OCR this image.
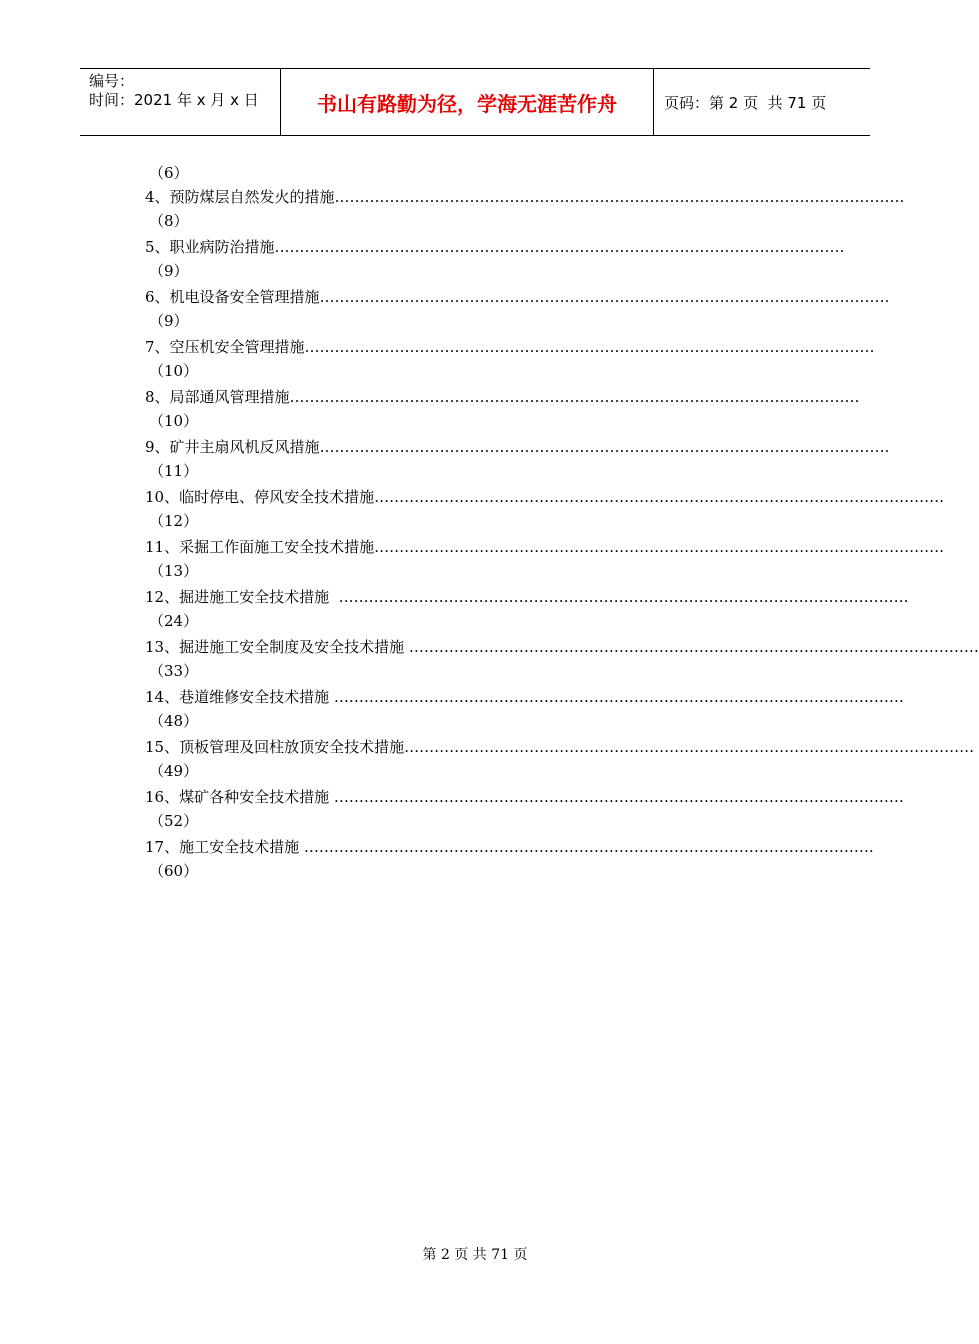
编号：
时间：2021 年 x 月 x 日	书山有路勤为径，学海无涯苦作舟	页码：第 2 页  共 71 页
（6）
4、预防煤层自然发火的措施 ……………………………………………………………………………………………………
（8）
5、职业病防治措施 ……………………………………………………………………………………………………
（9）
6、机电设备安全管理措施 ……………………………………………………………………………………………………
（9）
7、空压机安全管理措施 ……………………………………………………………………………………………………
（10）
8、局部通风管理措施 ……………………………………………………………………………………………………
（10）
9、矿井主扇风机反风措施 ……………………………………………………………………………………………………
（11）
10、临时停电、停风安全技术措施 ……………………………………………………………………………………………………
（12）
11、采掘工作面施工安全技术措施 ……………………………………………………………………………………………………
（13）
12、掘进施工安全技术措施 ……………………………………………………………………………………………………
（24）
13、掘进施工安全制度及安全技术措施 ……………………………………………………………………………………………………
（33）
14、巷道维修安全技术措施 ……………………………………………………………………………………………………
（48）
15、顶板管理及回柱放顶安全技术措施 ……………………………………………………………………………………………………
（49）
16、煤矿各种安全技术措施 ……………………………………………………………………………………………………
（52）
17、施工安全技术措施 ……………………………………………………………………………………………………
（60）
第 2 页 共 71 页
